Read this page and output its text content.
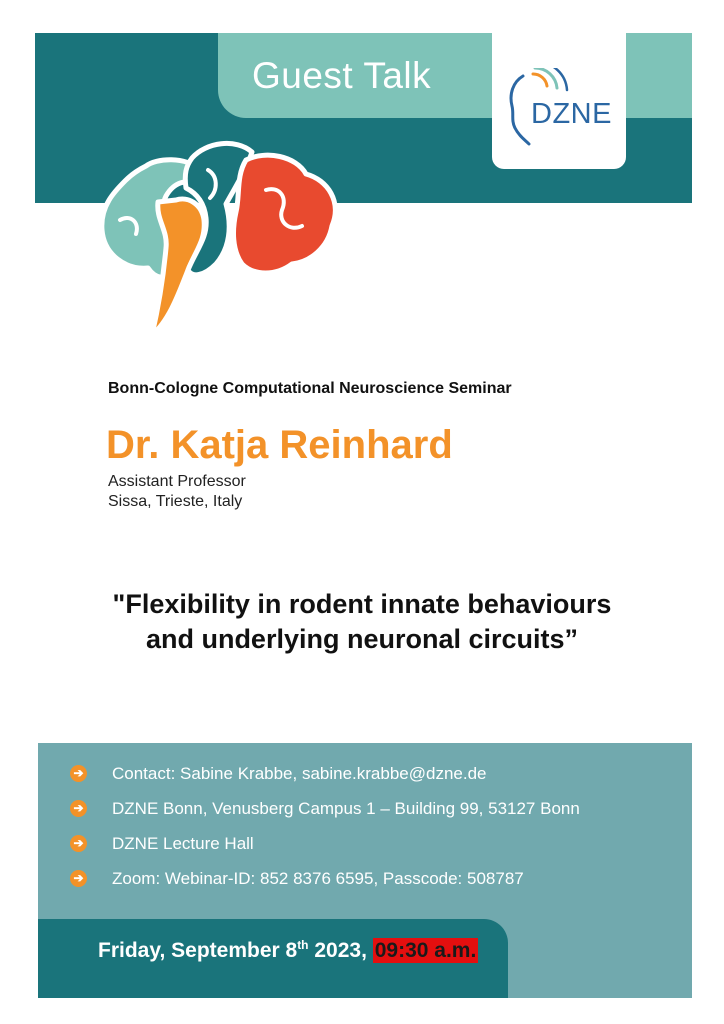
Guest Talk
DZNE
Bonn-Cologne Computational Neuroscience Seminar
Dr. Katja Reinhard
Assistant Professor
Sissa, Trieste, Italy
"Flexibility in rodent innate behaviours
and underlying neuronal circuits”
➔ Contact: Sabine Krabbe, sabine.krabbe@dzne.de
➔ DZNE Bonn, Venusberg Campus 1 – Building 99, 53127 Bonn
➔ DZNE Lecture Hall
➔ Zoom: Webinar-ID: 852 8376 6595, Passcode: 508787
Friday, September 8th 2023, 09:30 a.m.
